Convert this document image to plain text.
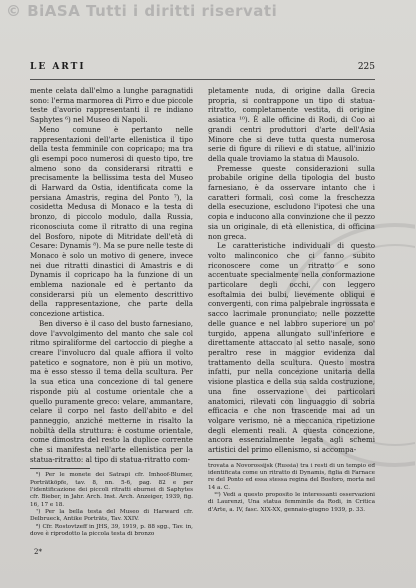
© BiASA Tutti i diritti riservati
LE ARTI	225

mente celata dall'elmo a lunghe paragnatidi sono: l'erma marmorea di Pirro e due piccole teste d'avorio rappresentanti il re indiano Saphytes ⁶) nel Museo di Napoli.

Meno comune è pertanto nelle rappresentazioni dell'arte ellenistica il tipo della testa femminile con copricapo; ma tra gli esempi poco numerosi di questo tipo, tre almeno sono da considerarsi ritratti e precisamente la bellissima testa del Museo di Harward da Ostia, identificata come la persiana Amastris, regina del Ponto ⁷), la cosidetta Medusa di Monaco e la testa di bronzo, di piccolo modulo, dalla Russia, riconosciuta come il ritratto di una regina del Bosforo, nipote di Mitridate dell'età di Cesare: Dynamis ⁸). Ma se pure nelle teste di Monaco è solo un motivo di genere, invece nei due ritratti dinastici di Amastris e di Dynamis il copricapo ha la funzione di un emblema nazionale ed è pertanto da considerarsi più un elemento descrittivo della rappresentazione, che parte della concezione artistica.

Ben diverso è il caso del busto farnesiano, dove l'avvolgimento del manto che sale col ritmo spiraliforme del cartoccio di pieghe a creare l'involucro dal quale affiora il volto patetico e sognatore, non è più un motivo, ma è esso stesso il tema della scultura. Per la sua etica una concezione di tal genere risponde più al costume orientale che a quello puramente greco: velare, ammantare, celare il corpo nel fasto dell'abito e del panneggio, anziché metterne in risalto la nobiltà della struttura: è costume orientale, come dimostra del resto la duplice corrente che si manifesta nell'arte ellenistica per la statua-ritratto: al tipo di statua-ritratto com-

⁶) Per le monete dei Satrapi cfr. Imhoof-Blumer, Porträtköpfe, tav. 8, nn. 5-6, pag. 82 e per l'identificazione dei piccoli ritratti eburnei di Saphytes cfr. Bieber, in Jahr. Arch. Inst. Arch. Anzeiger, 1939, fig. 16, 17 e 18.

⁷) Per la bella testa del Museo di Harward cfr. Delbrueck, Antike Porträts, Tav. XXIV.

⁸) Cfr. Rostovtzeff in JHS, 39, 1919, p. 88 sgg., Tav. in, dove è riprodotto la piccola testa di bronzo

pletamente nuda, di origine dalla Grecia propria, si contrappone un tipo di statua-ritratto, completamente vestita, di origine asiatica ¹⁰). È alle officine di Rodi, di Coo ai grandi centri produttori d'arte dell'Asia Minore che si deve tutta questa numerosa serie di figure di rilievi e di statue, all'inizio della quale troviamo la statua di Mausolo.

Premesse queste considerazioni sulla probabile origine della tipologia del busto farnesiano, è da osservare intanto che i caratteri formali, così come la freschezza della esecuzione, escludono l'ipotesi che una copia e inducono alla convinzione che il pezzo sia un originale, di età ellenistica, di officina non greca.

Le caratteristiche individuali di questo volto malinconico che ci fanno subito riconoscere come un ritratto e sono accentuate specialmente nella conformazione particolare degli occhi, con leggero esoftalmia dei bulbi, lievemente obliqui e convergenti, con rima palpebrale ingrossata e sacco lacrimale pronunciato; nelle pozzette delle guance e nel labbro superiore un po' turgido, appena allungato sull'inferiore e direttamente attaccato al setto nasale, sono peraltro rese in maggior evidenza dal trattamento della scultura. Questo mostra infatti, pur nella concezione unitaria della visione plastica e della sua salda costruzione, una fine osservazione dei particolari anatomici, rilevati con linguaggio di sobria efficacia e che non trascende mai ad un volgare verismo, nè a meccanica ripetizione degli elementi reali. A questa concezione, ancora essenzialmente legata agli schemi artistici del primo ellenismo, si accompa-

trovata a Novorossijsk (Russia) tra i resti di un tempio ed identificata come un ritratto di Dynamis, figlia di Farnace re del Ponto ed essa stessa regina del Bosforo, morta nel 14 a. C.

¹⁰) Vedi a questo proposito le interessanti osservazioni di Laurenzi, Una statua femminile da Rodi, in Critica d'Arte, a. IV, fasc. XIX-XX, gennaio-giugno 1939, p. 33.

2*
